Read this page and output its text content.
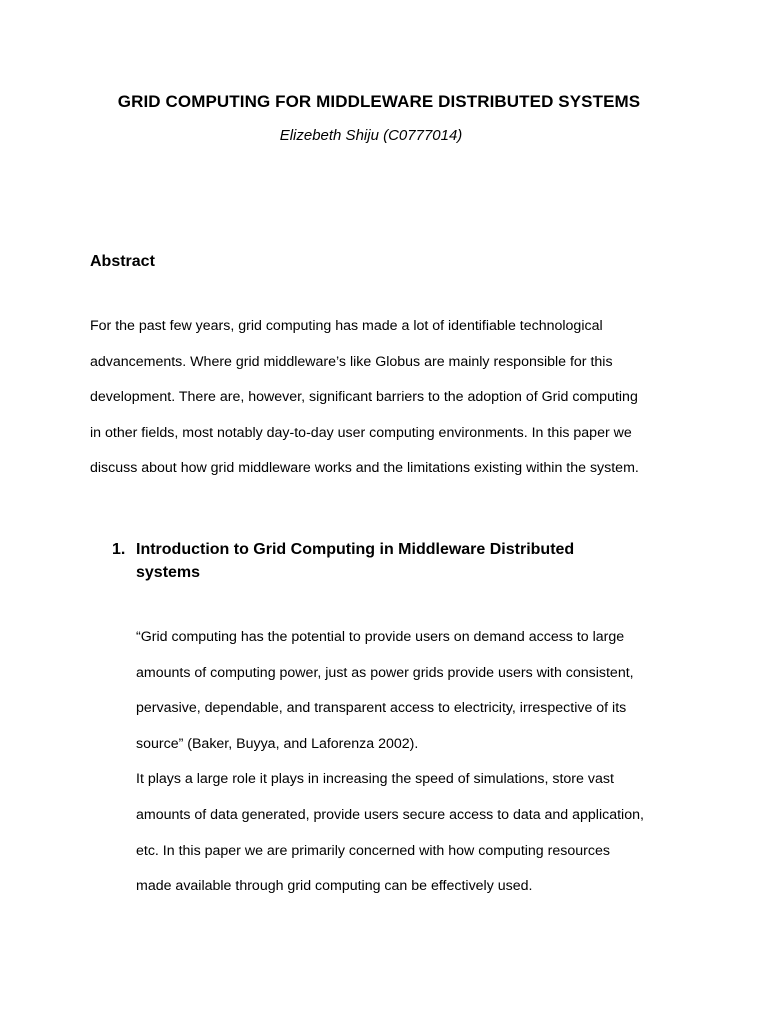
GRID COMPUTING FOR MIDDLEWARE DISTRIBUTED SYSTEMS
Elizebeth Shiju (C0777014)
Abstract
For the past few years, grid computing has made a lot of identifiable technological
advancements. Where grid middleware’s like Globus are mainly responsible for this
development. There are, however, significant barriers to the adoption of Grid computing
in other fields, most notably day-to-day user computing environments. In this paper we
discuss about how grid middleware works and the limitations existing within the system.
1. Introduction to Grid Computing in Middleware Distributed
systems
“Grid computing has the potential to provide users on demand access to large
amounts of computing power, just as power grids provide users with consistent,
pervasive, dependable, and transparent access to electricity, irrespective of its
source” (Baker, Buyya, and Laforenza 2002).
It plays a large role it plays in increasing the speed of simulations, store vast
amounts of data generated, provide users secure access to data and application,
etc. In this paper we are primarily concerned with how computing resources
made available through grid computing can be effectively used.
